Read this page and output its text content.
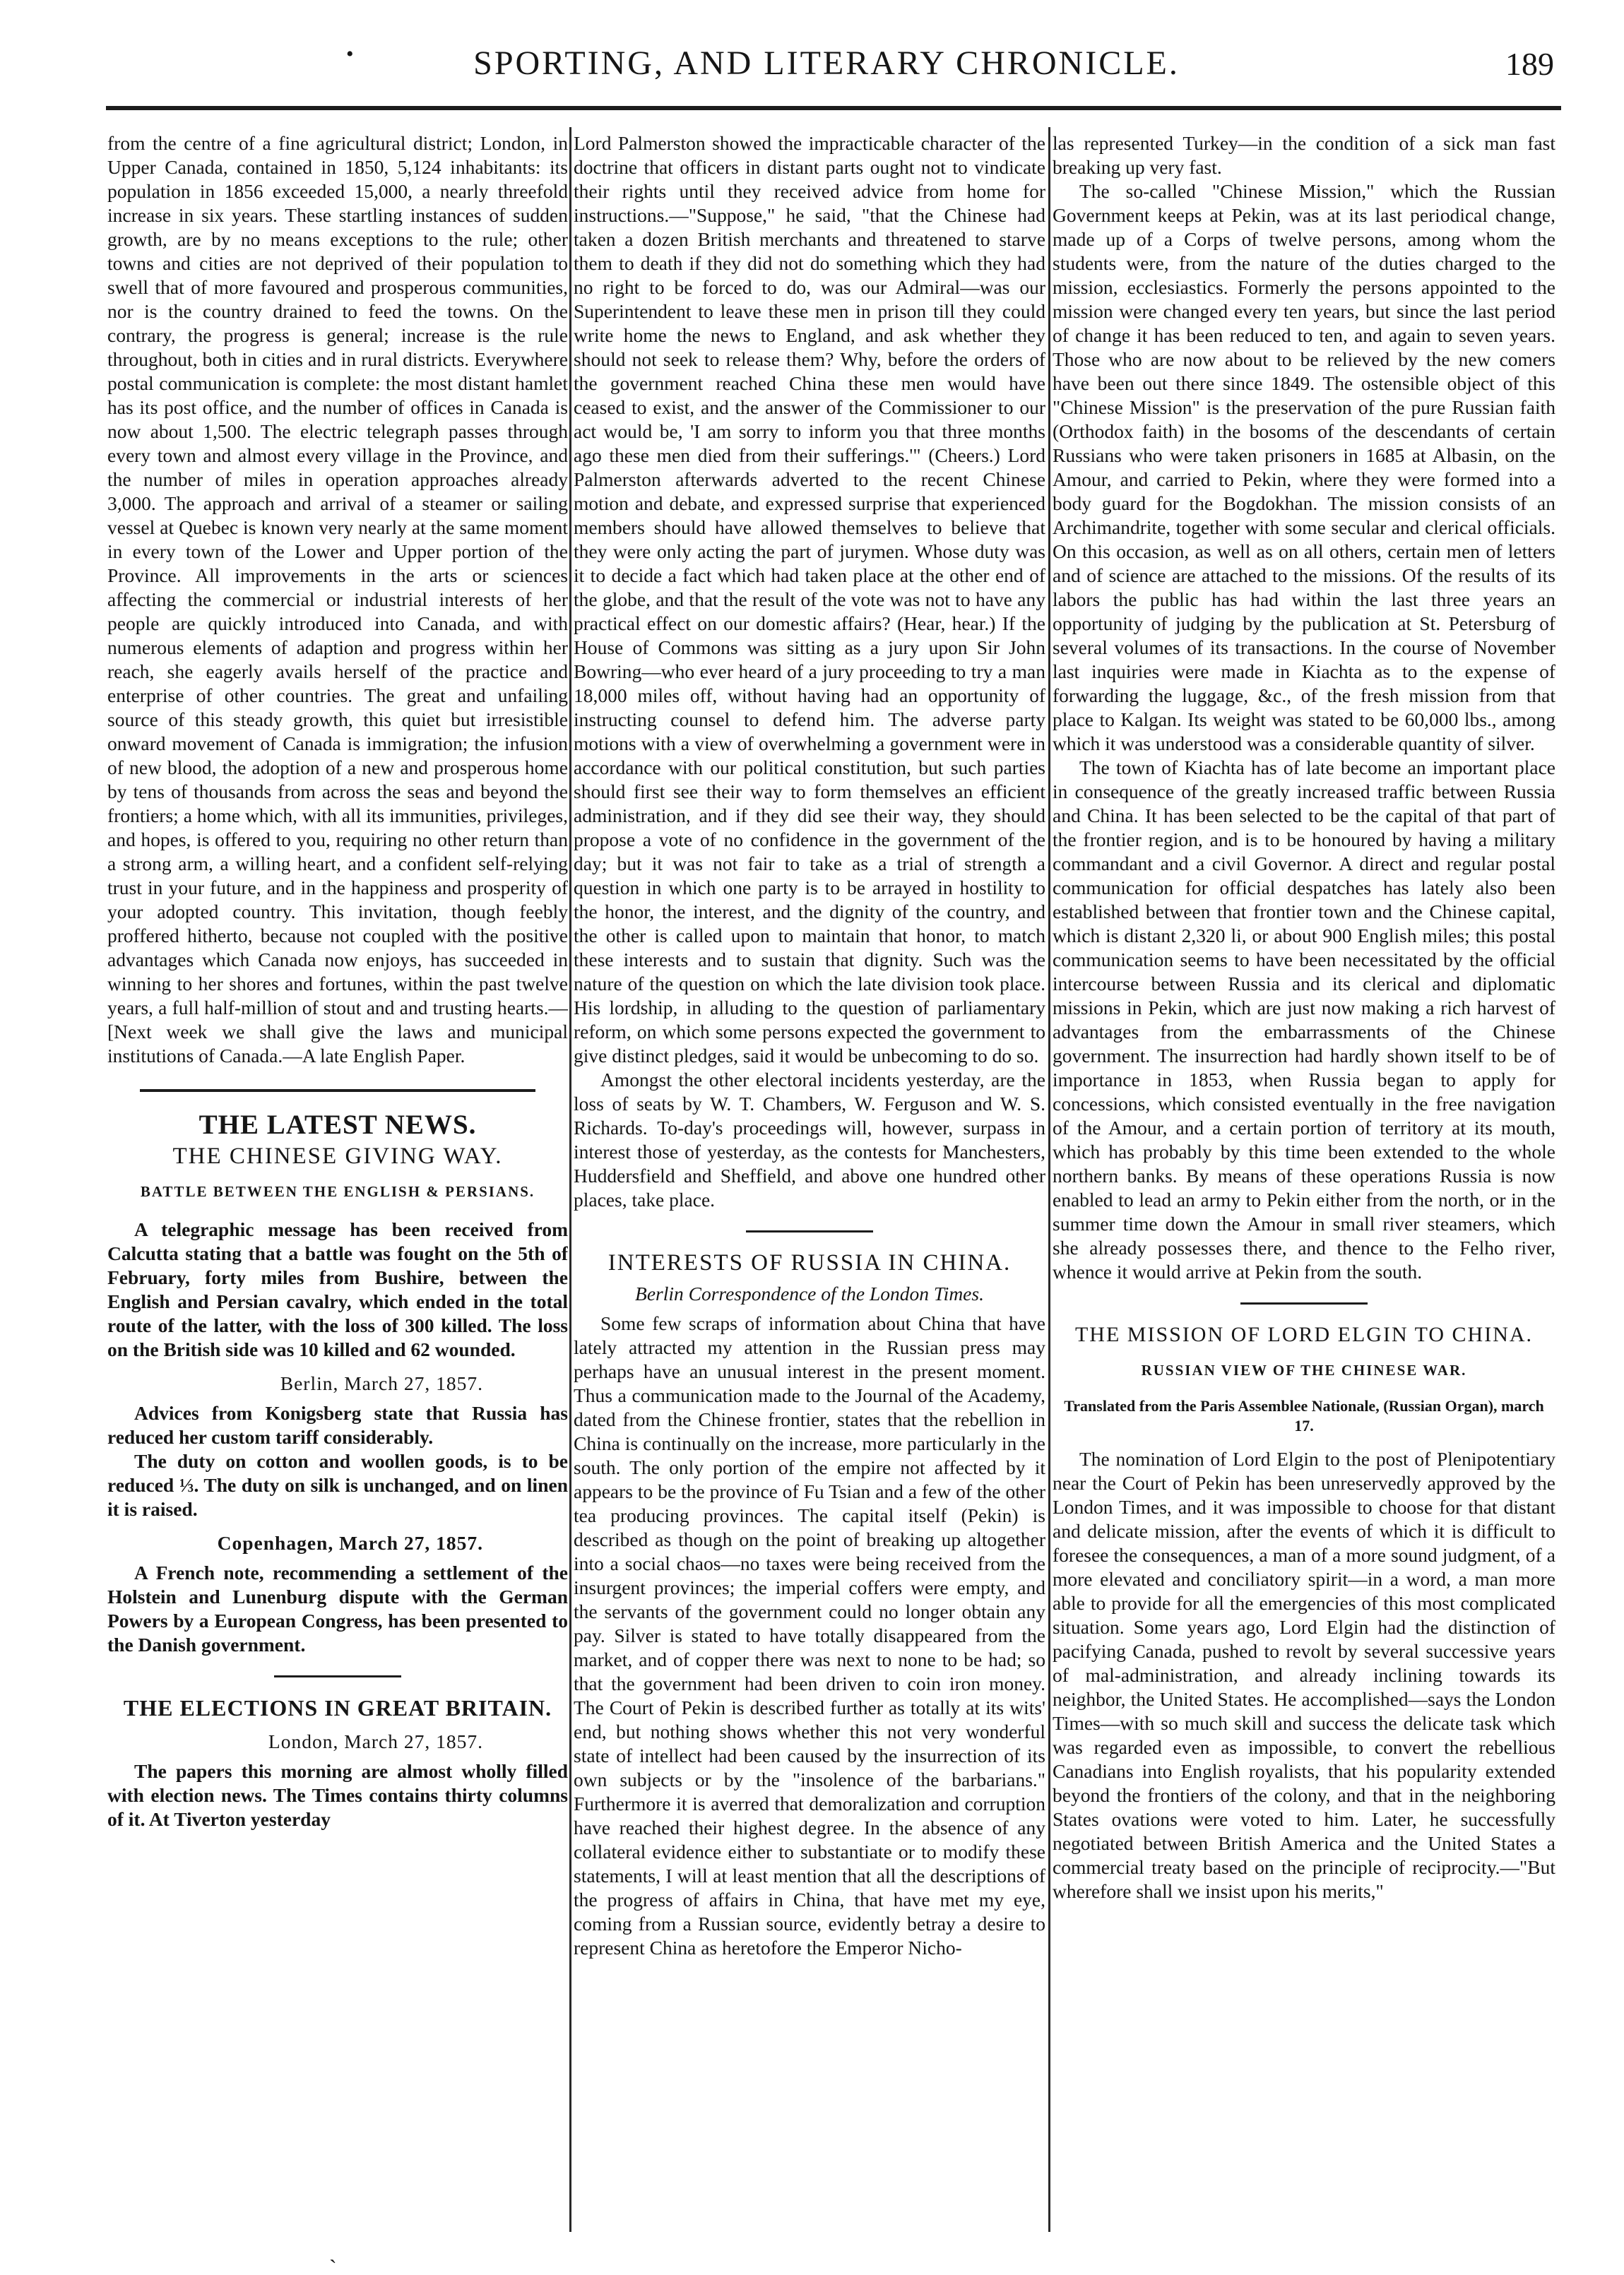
•	SPORTING, AND LITERARY CHRONICLE.	189

from the centre of a fine agricultural district; London, in Upper Canada, contained in 1850, 5,124 inhabitants: its population in 1856 exceeded 15,000, a nearly threefold increase in six years. These startling instances of sudden growth, are by no means exceptions to the rule; other towns and cities are not deprived of their population to swell that of more favoured and prosperous communities, nor is the country drained to feed the towns. On the contrary, the progress is general; increase is the rule throughout, both in cities and in rural districts. Everywhere postal communication is complete: the most distant hamlet has its post office, and the number of offices in Canada is now about 1,500. The electric telegraph passes through every town and almost every village in the Province, and the number of miles in operation approaches already 3,000. The approach and arrival of a steamer or sailing vessel at Quebec is known very nearly at the same moment in every town of the Lower and Upper portion of the Province. All improvements in the arts or sciences affecting the commercial or industrial interests of her people are quickly introduced into Canada, and with numerous elements of adaption and progress within her reach, she eagerly avails herself of the practice and enterprise of other countries. The great and unfailing source of this steady growth, this quiet but irresistible onward movement of Canada is immigration; the infusion of new blood, the adoption of a new and prosperous home by tens of thousands from across the seas and beyond the frontiers; a home which, with all its immunities, privileges, and hopes, is offered to you, requiring no other return than a strong arm, a willing heart, and a confident self-relying trust in your future, and in the happiness and prosperity of your adopted country. This invitation, though feebly proffered hitherto, because not coupled with the positive advantages which Canada now enjoys, has succeeded in winning to her shores and fortunes, within the past twelve years, a full half-million of stout and and trusting hearts.—[Next week we shall give the laws and municipal institutions of Canada.—A late English Paper.

THE LATEST NEWS.
THE CHINESE GIVING WAY.
BATTLE BETWEEN THE ENGLISH & PERSIANS.

A telegraphic message has been received from Calcutta stating that a battle was fought on the 5th of February, forty miles from Bushire, between the English and Persian cavalry, which ended in the total route of the latter, with the loss of 300 killed. The loss on the British side was 10 killed and 62 wounded.

Berlin, March 27, 1857.

Advices from Konigsberg state that Russia has reduced her custom tariff considerably.

The duty on cotton and woollen goods, is to be reduced ⅓. The duty on silk is unchanged, and on linen it is raised.

Copenhagen, March 27, 1857.

A French note, recommending a settlement of the Holstein and Lunenburg dispute with the German Powers by a European Congress, has been presented to the Danish government.

THE ELECTIONS IN GREAT BRITAIN.
London, March 27, 1857.

The papers this morning are almost wholly filled with election news. The Times contains thirty columns of it. At Tiverton yesterday

Lord Palmerston showed the impracticable character of the doctrine that officers in distant parts ought not to vindicate their rights until they received advice from home for instructions.—"Suppose," he said, "that the Chinese had taken a dozen British merchants and threatened to starve them to death if they did not do something which they had no right to be forced to do, was our Admiral—was our Superintendent to leave these men in prison till they could write home the news to England, and ask whether they should not seek to release them? Why, before the orders of the government reached China these men would have ceased to exist, and the answer of the Commissioner to our act would be, 'I am sorry to inform you that three months ago these men died from their sufferings.'" (Cheers.) Lord Palmerston afterwards adverted to the recent Chinese motion and debate, and expressed surprise that experienced members should have allowed themselves to believe that they were only acting the part of jurymen. Whose duty was it to decide a fact which had taken place at the other end of the globe, and that the result of the vote was not to have any practical effect on our domestic affairs? (Hear, hear.) If the House of Commons was sitting as a jury upon Sir John Bowring—who ever heard of a jury proceeding to try a man 18,000 miles off, without having had an opportunity of instructing counsel to defend him. The adverse party motions with a view of overwhelming a government were in accordance with our political constitution, but such parties should first see their way to form themselves an efficient administration, and if they did see their way, they should propose a vote of no confidence in the government of the day; but it was not fair to take as a trial of strength a question in which one party is to be arrayed in hostility to the honor, the interest, and the dignity of the country, and the other is called upon to maintain that honor, to match these interests and to sustain that dignity. Such was the nature of the question on which the late division took place. His lordship, in alluding to the question of parliamentary reform, on which some persons expected the government to give distinct pledges, said it would be unbecoming to do so.

Amongst the other electoral incidents yesterday, are the loss of seats by W. T. Chambers, W. Ferguson and W. S. Richards. To-day's proceedings will, however, surpass in interest those of yesterday, as the contests for Manchesters, Huddersfield and Sheffield, and above one hundred other places, take place.

INTERESTS OF RUSSIA IN CHINA.
Berlin Correspondence of the London Times.

Some few scraps of information about China that have lately attracted my attention in the Russian press may perhaps have an unusual interest in the present moment. Thus a communication made to the Journal of the Academy, dated from the Chinese frontier, states that the rebellion in China is continually on the increase, more particularly in the south. The only portion of the empire not affected by it appears to be the province of Fu Tsian and a few of the other tea producing provinces. The capital itself (Pekin) is described as though on the point of breaking up altogether into a social chaos—no taxes were being received from the insurgent provinces; the imperial coffers were empty, and the servants of the government could no longer obtain any pay. Silver is stated to have totally disappeared from the market, and of copper there was next to none to be had; so that the government had been driven to coin iron money. The Court of Pekin is described further as totally at its wits' end, but nothing shows whether this not very wonderful state of intellect had been caused by the insurrection of its own subjects or by the "insolence of the barbarians." Furthermore it is averred that demoralization and corruption have reached their highest degree. In the absence of any collateral evidence either to substantiate or to modify these statements, I will at least mention that all the descriptions of the progress of affairs in China, that have met my eye, coming from a Russian source, evidently betray a desire to represent China as heretofore the Emperor Nicho-

las represented Turkey—in the condition of a sick man fast breaking up very fast.

The so-called "Chinese Mission," which the Russian Government keeps at Pekin, was at its last periodical change, made up of a Corps of twelve persons, among whom the students were, from the nature of the duties charged to the mission, ecclesiastics. Formerly the persons appointed to the mission were changed every ten years, but since the last period of change it has been reduced to ten, and again to seven years. Those who are now about to be relieved by the new comers have been out there since 1849. The ostensible object of this "Chinese Mission" is the preservation of the pure Russian faith (Orthodox faith) in the bosoms of the descendants of certain Russians who were taken prisoners in 1685 at Albasin, on the Amour, and carried to Pekin, where they were formed into a body guard for the Bogdokhan. The mission consists of an Archimandrite, together with some secular and clerical officials. On this occasion, as well as on all others, certain men of letters and of science are attached to the missions. Of the results of its labors the public has had within the last three years an opportunity of judging by the publication at St. Petersburg of several volumes of its transactions. In the course of November last inquiries were made in Kiachta as to the expense of forwarding the luggage, &c., of the fresh mission from that place to Kalgan. Its weight was stated to be 60,000 lbs., among which it was understood was a considerable quantity of silver.

The town of Kiachta has of late become an important place in consequence of the greatly increased traffic between Russia and China. It has been selected to be the capital of that part of the frontier region, and is to be honoured by having a military commandant and a civil Governor. A direct and regular postal communication for official despatches has lately also been established between that frontier town and the Chinese capital, which is distant 2,320 li, or about 900 English miles; this postal communication seems to have been necessitated by the official intercourse between Russia and its clerical and diplomatic missions in Pekin, which are just now making a rich harvest of advantages from the embarrassments of the Chinese government. The insurrection had hardly shown itself to be of importance in 1853, when Russia began to apply for concessions, which consisted eventually in the free navigation of the Amour, and a certain portion of territory at its mouth, which has probably by this time been extended to the whole northern banks. By means of these operations Russia is now enabled to lead an army to Pekin either from the north, or in the summer time down the Amour in small river steamers, which she already possesses there, and thence to the Felho river, whence it would arrive at Pekin from the south.

THE MISSION OF LORD ELGIN TO CHINA.
RUSSIAN VIEW OF THE CHINESE WAR.
Translated from the Paris Assemblee Nationale, (Russian Organ), march 17.

The nomination of Lord Elgin to the post of Plenipotentiary near the Court of Pekin has been unreservedly approved by the London Times, and it was impossible to choose for that distant and delicate mission, after the events of which it is difficult to foresee the consequences, a man of a more sound judgment, of a more elevated and conciliatory spirit—in a word, a man more able to provide for all the emergencies of this most complicated situation. Some years ago, Lord Elgin had the distinction of pacifying Canada, pushed to revolt by several successive years of mal-administration, and already inclining towards its neighbor, the United States. He accomplished—says the London Times—with so much skill and success the delicate task which was regarded even as impossible, to convert the rebellious Canadians into English royalists, that his popularity extended beyond the frontiers of the colony, and that in the neighboring States ovations were voted to him. Later, he successfully negotiated between British America and the United States a commercial treaty based on the principle of reciprocity.—"But wherefore shall we insist upon his merits,"

ˏ
